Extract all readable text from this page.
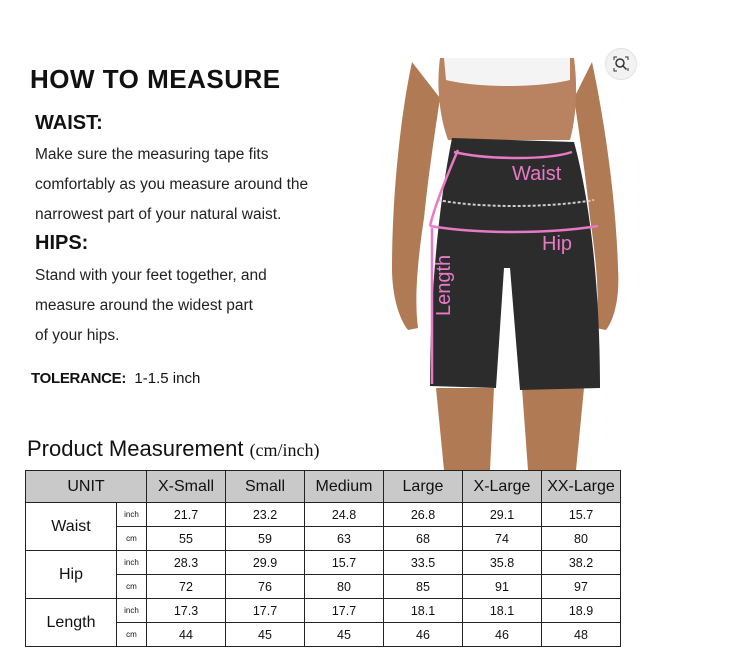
HOW TO MEASURE
WAIST:
Make sure the measuring tape fits
comfortably as you measure around the
narrowest part of your natural waist.
HIPS:
Stand with your feet together, and
measure around the widest part
of your hips.
TOLERANCE: 1-1.5 inch
Waist
Hip
Length
Product Measurement (cm/inch)
UNIT		X-Small	Small	Medium	Large	X-Large	XX-Large
Waist	inch	21.7	23.2	24.8	26.8	29.1	15.7
	cm	55	59	63	68	74	80
Hip	inch	28.3	29.9	15.7	33.5	35.8	38.2
	cm	72	76	80	85	91	97
Length	inch	17.3	17.7	17.7	18.1	18.1	18.9
	cm	44	45	45	46	46	48
